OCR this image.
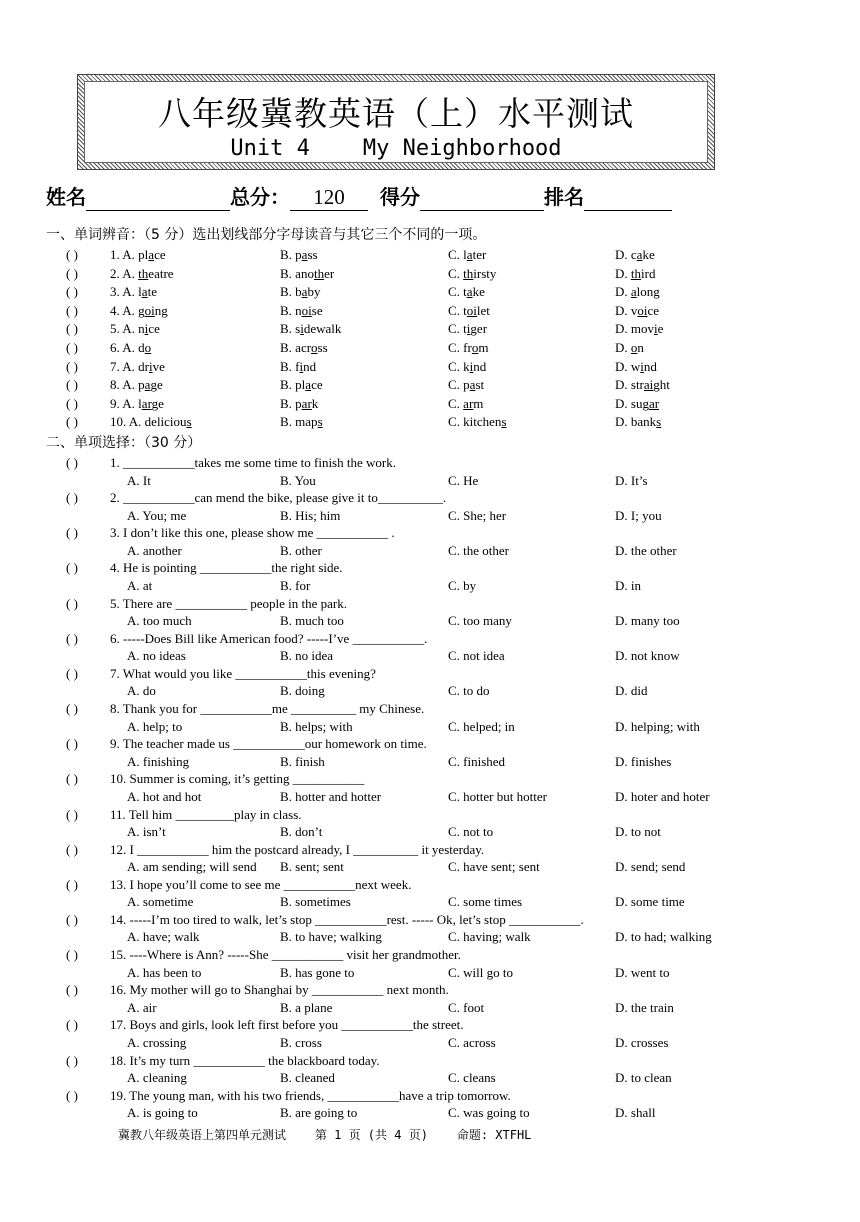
八年级冀教英语（上）水平测试
Unit 4    My Neighborhood
姓名	总分： 120 得分	排名
一、单词辨音：（5 分）选出划线部分字母读音与其它三个不同的一项。
( ) 1. A. place	B. pass	C. later	D. cake
( ) 2. A. theatre	B. another	C. thirsty	D. third
( ) 3. A. late	B. baby	C. take	D. along
( ) 4. A. going	B. noise	C. toilet	D. voice
( ) 5. A. nice	B. sidewalk	C. tiger	D. movie
( ) 6. A. do	B. across	C. from	D. on
( ) 7. A. drive	B. find	C. kind	D. wind
( ) 8. A. page	B. place	C. past	D. straight
( ) 9. A. large	B. park	C. arm	D. sugar
( ) 10. A. delicious	B. maps	C. kitchens	D. banks
二、单项选择：（30 分）
( ) 1. ___________takes me some time to finish the work.
A. It	B. You	C. He	D. It’s
( ) 2. ___________can mend the bike, please give it to__________.
A. You; me	B. His; him	C. She; her	D. I; you
( ) 3. I don’t like this one, please show me ___________ .
A. another	B. other	C. the other	D. the other
( ) 4. He is pointing ___________the right side.
A. at	B. for	C. by	D. in
( ) 5. There are ___________ people in the park.
A. too much	B. much too	C. too many	D. many too
( ) 6. -----Does Bill like American food? -----I’ve ___________.
A. no ideas	B. no idea	C. not idea	D. not know
( ) 7. What would you like ___________this evening?
A. do	B. doing	C. to do	D. did
( ) 8. Thank you for ___________me __________ my Chinese.
A. help; to	B. helps; with	C. helped; in	D. helping; with
( ) 9. The teacher made us ___________our homework on time.
A. finishing	B. finish	C. finished	D. finishes
( ) 10. Summer is coming, it’s getting ___________
A. hot and hot	B. hotter and hotter	C. hotter but hotter	D. hoter and hoter
( ) 11. Tell him _________play in class.
A. isn’t	B. don’t	C. not to	D. to not
( ) 12. I ___________ him the postcard already, I __________ it yesterday.
A. am sending; will send B. sent; sent	C. have sent; sent	D. send; send
( ) 13. I hope you’ll come to see me ___________next week.
A. sometime	B. sometimes	C. some times	D. some time
( ) 14. -----I’m too tired to walk, let’s stop ___________rest. ----- Ok, let’s stop ___________.
A. have; walk	B. to have; walking	C. having; walk	D. to had; walking
( ) 15. ----Where is Ann? -----She ___________ visit her grandmother.
A. has been to	B. has gone to	C. will go to	D. went to
( ) 16. My mother will go to Shanghai by ___________ next month.
A. air	B. a plane	C. foot	D. the train
( ) 17. Boys and girls, look left first before you ___________the street.
A. crossing	B. cross	C. across	D. crosses
( ) 18. It’s my turn ___________ the blackboard today.
A. cleaning	B. cleaned	C. cleans	D. to clean
( ) 19. The young man, with his two friends, ___________have a trip tomorrow.
A. is going to	B. are going to	C. was going to	D. shall
冀教八年级英语上第四单元测试    第 1 页 (共 4 页)    命题: XTFHL
